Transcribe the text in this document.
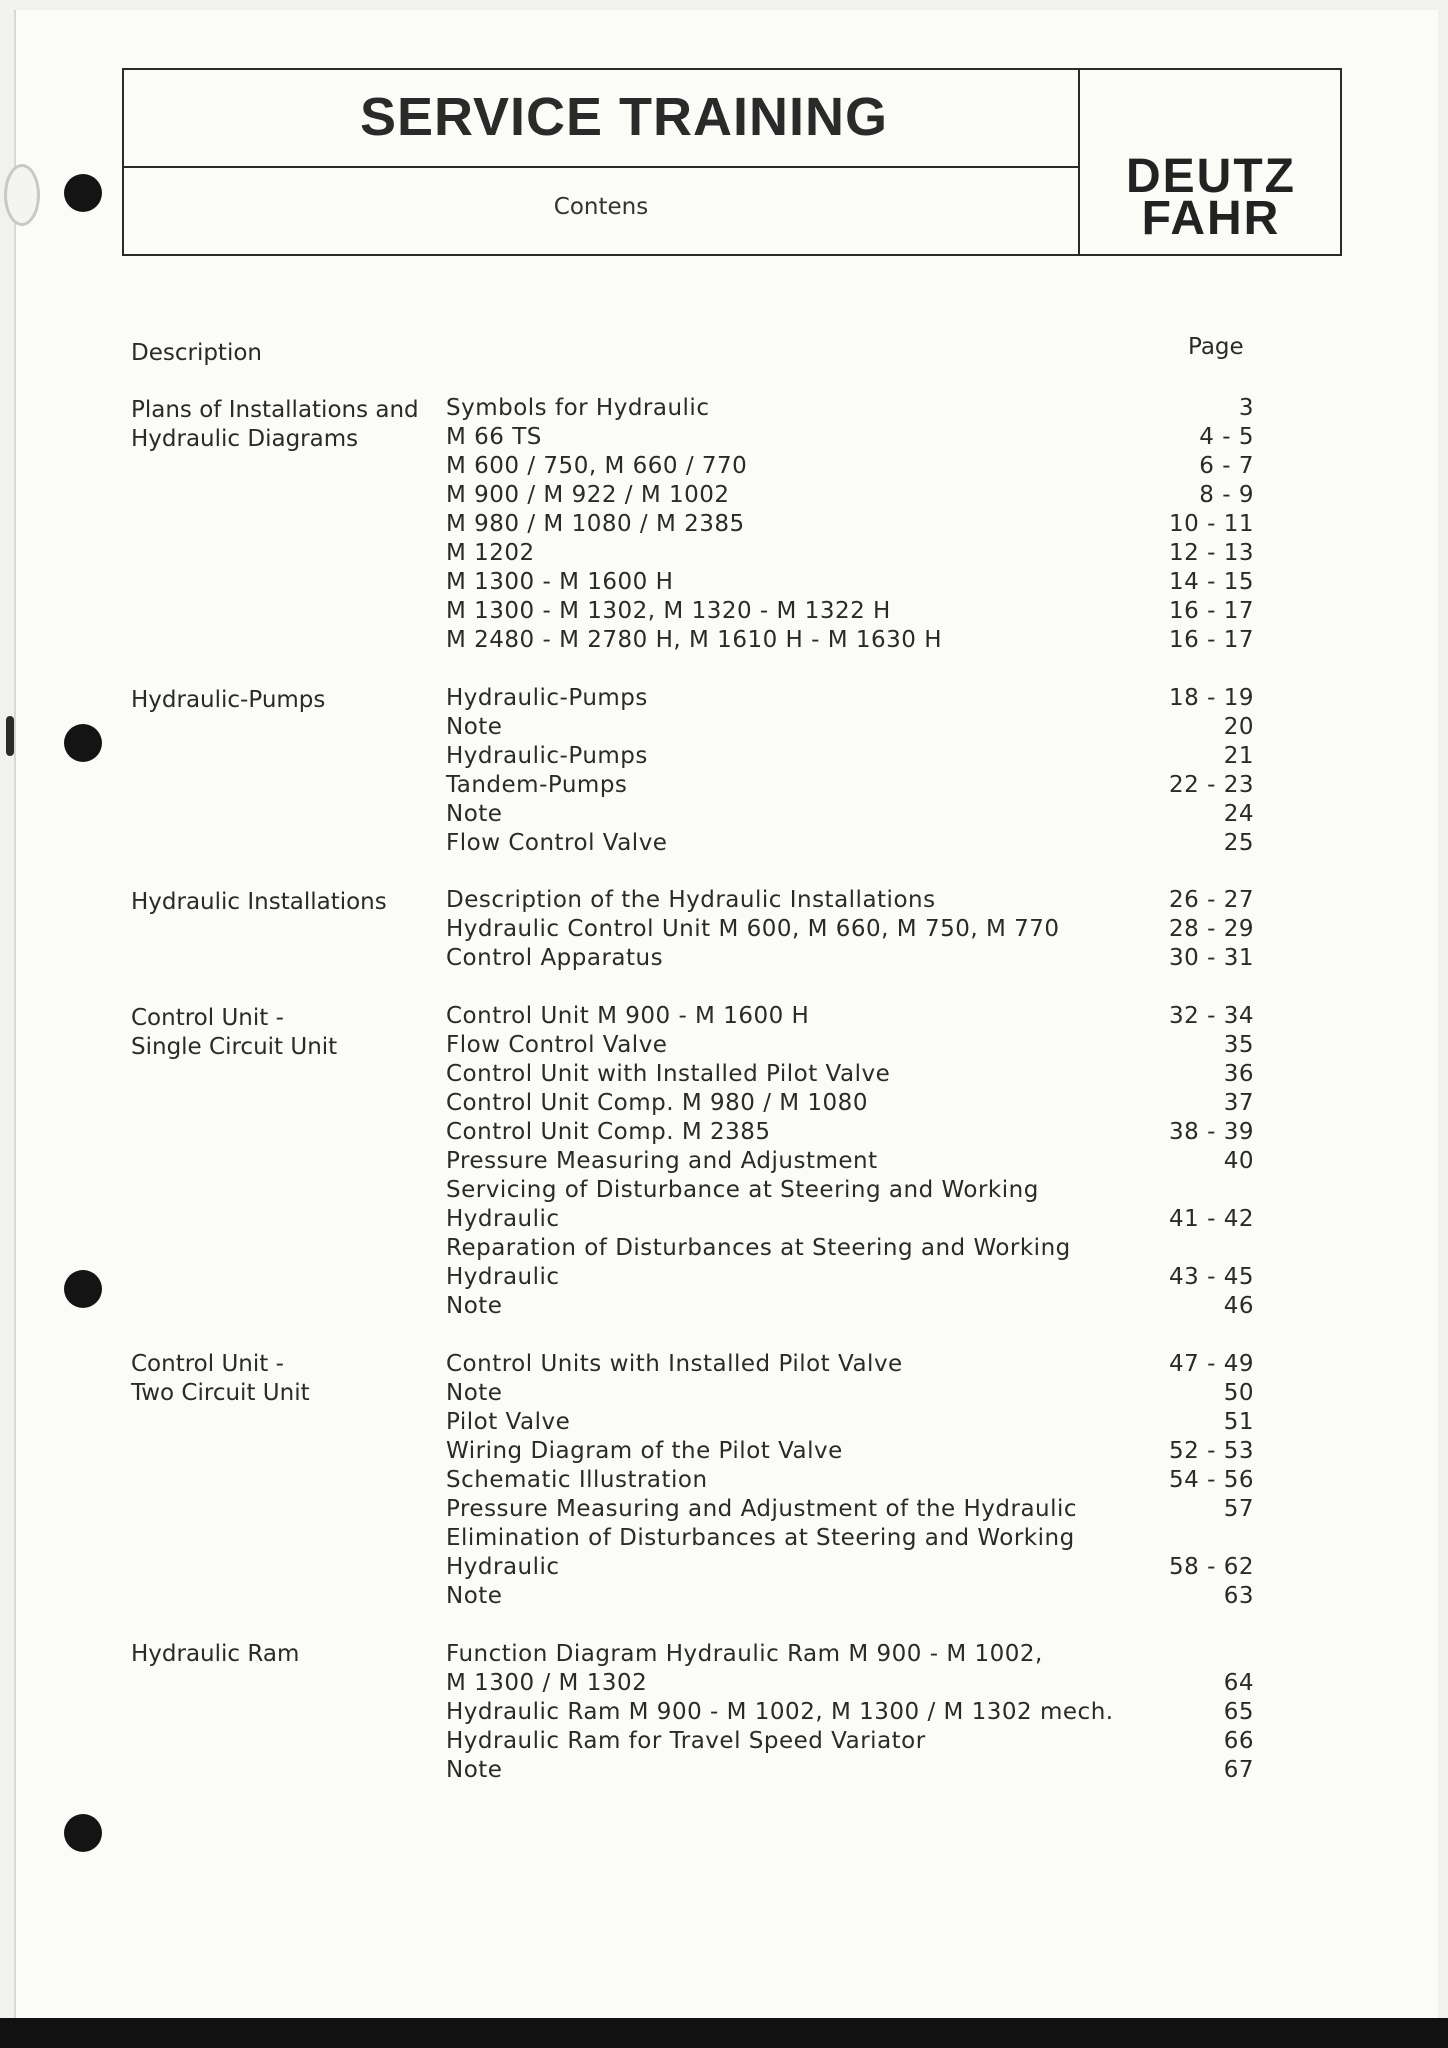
SERVICE TRAINING
Contens
DEUTZ
FAHR
Description	Page
Plans of Installations and
Hydraulic Diagrams
Symbols for Hydraulic	3
M 66 TS	4 - 5
M 600 / 750, M 660 / 770	6 - 7
M 900 / M 922 / M 1002	8 - 9
M 980 / M 1080 / M 2385	10 - 11
M 1202	12 - 13
M 1300 - M 1600 H	14 - 15
M 1300 - M 1302, M 1320 - M 1322 H	16 - 17
M 2480 - M 2780 H, M 1610 H - M 1630 H	16 - 17
Hydraulic-Pumps	Hydraulic-Pumps	18 - 19
Note	20
Hydraulic-Pumps	21
Tandem-Pumps	22 - 23
Note	24
Flow Control Valve	25
Hydraulic Installations	Description of the Hydraulic Installations	26 - 27
Hydraulic Control Unit M 600, M 660, M 750, M 770	28 - 29
Control Apparatus	30 - 31
Control Unit -
Single Circuit Unit
Control Unit M 900 - M 1600 H	32 - 34
Flow Control Valve	35
Control Unit with Installed Pilot Valve	36
Control Unit Comp. M 980 / M 1080	37
Control Unit Comp. M 2385	38 - 39
Pressure Measuring and Adjustment	40
Servicing of Disturbance at Steering and Working
Hydraulic	41 - 42
Reparation of Disturbances at Steering and Working
Hydraulic	43 - 45
Note	46
Control Unit -
Two Circuit Unit
Control Units with Installed Pilot Valve	47 - 49
Note	50
Pilot Valve	51
Wiring Diagram of the Pilot Valve	52 - 53
Schematic Illustration	54 - 56
Pressure Measuring and Adjustment of the Hydraulic	57
Elimination of Disturbances at Steering and Working
Hydraulic	58 - 62
Note	63
Hydraulic Ram	Function Diagram Hydraulic Ram M 900 - M 1002,
M 1300 / M 1302	64
Hydraulic Ram M 900 - M 1002, M 1300 / M 1302 mech.	65
Hydraulic Ram for Travel Speed Variator	66
Note	67
